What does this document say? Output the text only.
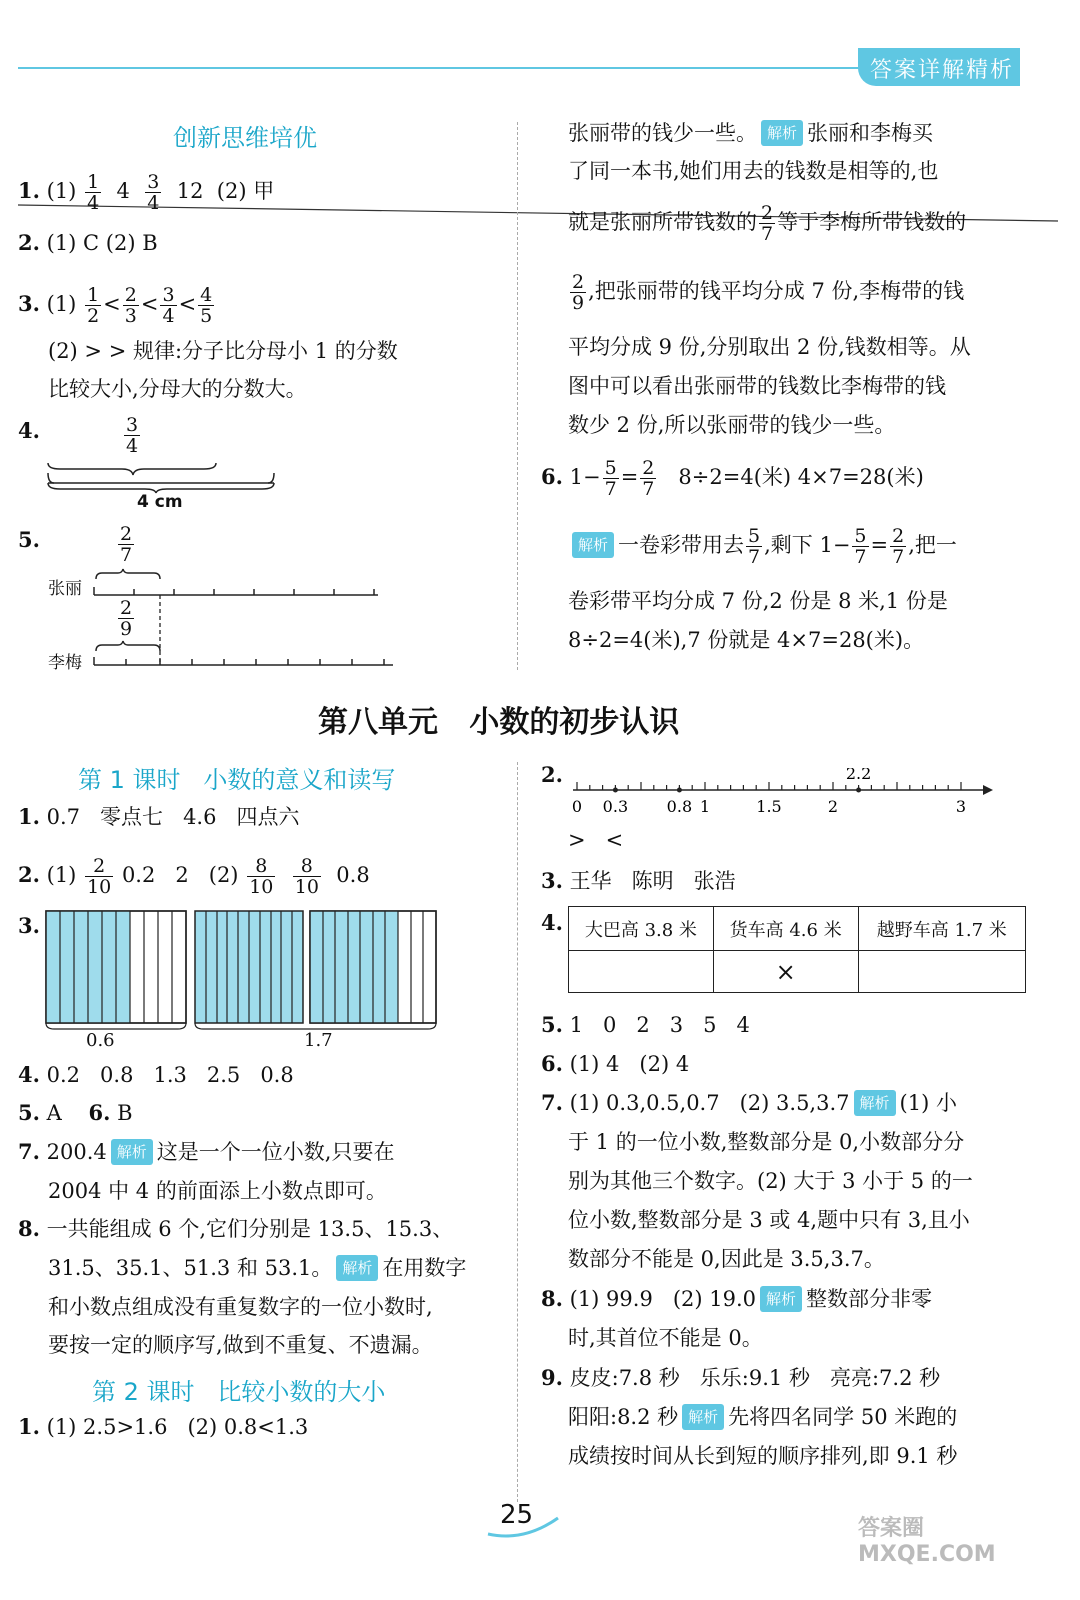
答案详解精析
创新思维培优
1. $(1) \frac{1}{4} 4 \frac{3}{4} 12$ (2) 甲
2. (1) C (2) B
3. $(1) \frac{1}{2} < \frac{2}{3} < \frac{3}{4} < \frac{4}{5}$
(2) > > 规律:分子比分母小 1 的分数
比较大小,分母大的分数大。
4.	$\frac{3}{4}$
4 cm
5.	$\frac{2}{7}$
张丽
$\frac{2}{9}$
李梅
张丽带的钱少一些。 解析 张丽和李梅买
了同一本书,她们用去的钱数是相等的,也
就是张丽所带钱数的 $\frac{2}{7}$ 等于李梅所带钱数的
$\frac{2}{9}$ ,把张丽带的钱平均分成 7 份,李梅带的钱
平均分成 9 份,分别取出 2 份,钱数相等。从
图中可以看出张丽带的钱数比李梅带的钱
数少 2 份,所以张丽带的钱少一些。
6. $1- \frac{5}{7} = \frac{2}{7} 8\div 2=4$(米) 4×7=28(米)
解析 一卷彩带用去 $\frac{5}{7}$ ,剩下 $1- \frac{5}{7} = \frac{2}{7}$ ,把一
卷彩带平均分成 7 份,2 份是 8 米,1 份是
8÷2=4(米),7 份就是 4×7=28(米)。
第八单元   小数的初步认识
第 1 课时   小数的意义和读写
1. 0.7   零点七   4.6   四点六
2. $(1) \frac{2}{10} 0.2$   2   $(2) \frac{8}{10}$
$\frac{8}{10} 0.8$
3.
0.6	1.7
4. 0.2   0.8   1.3   2.5   0.8
5. A    6. B
7. 200.4 解析 这是一个一位小数,只要在
2004 中 4 的前面添上小数点即可。
8. 一共能组成 6 个,它们分别是 13.5、15.3、
31.5、35.1、51.3 和 53.1。 解析 在用数字
和小数点组成没有重复数字的一位小数时,
要按一定的顺序写,做到不重复、不遗漏。
第 2 课时   比较小数的大小
1. (1) 2.5>1.6   (2) 0.8<1.3
2.
0 0.3 0.8 1	1.5	2	3
2.2
>   <
3. 王华   陈明   张浩
4. 大巴高 3.8 米	货车高 4.6 米	越野车高 1.7 米
	×	
5. 1   0   2   3   5   4
6. (1) 4   (2) 4
7. (1) 0.3,0.5,0.7   (2) 3.5,3.7 解析 (1) 小
于 1 的一位小数,整数部分是 0,小数部分分
别为其他三个数字。(2) 大于 3 小于 5 的一
位小数,整数部分是 3 或 4,题中只有 3,且小
数部分不能是 0,因此是 3.5,3.7。
8. (1) 99.9   (2) 19.0 解析 整数部分非零
时,其首位不能是 0。
9. 皮皮:7.8 秒   乐乐:9.1 秒   亮亮:7.2 秒
阳阳:8.2 秒 解析 先将四名同学 50 米跑的
成绩按时间从长到短的顺序排列,即 9.1 秒
25	答案圈 MXQE.COM
